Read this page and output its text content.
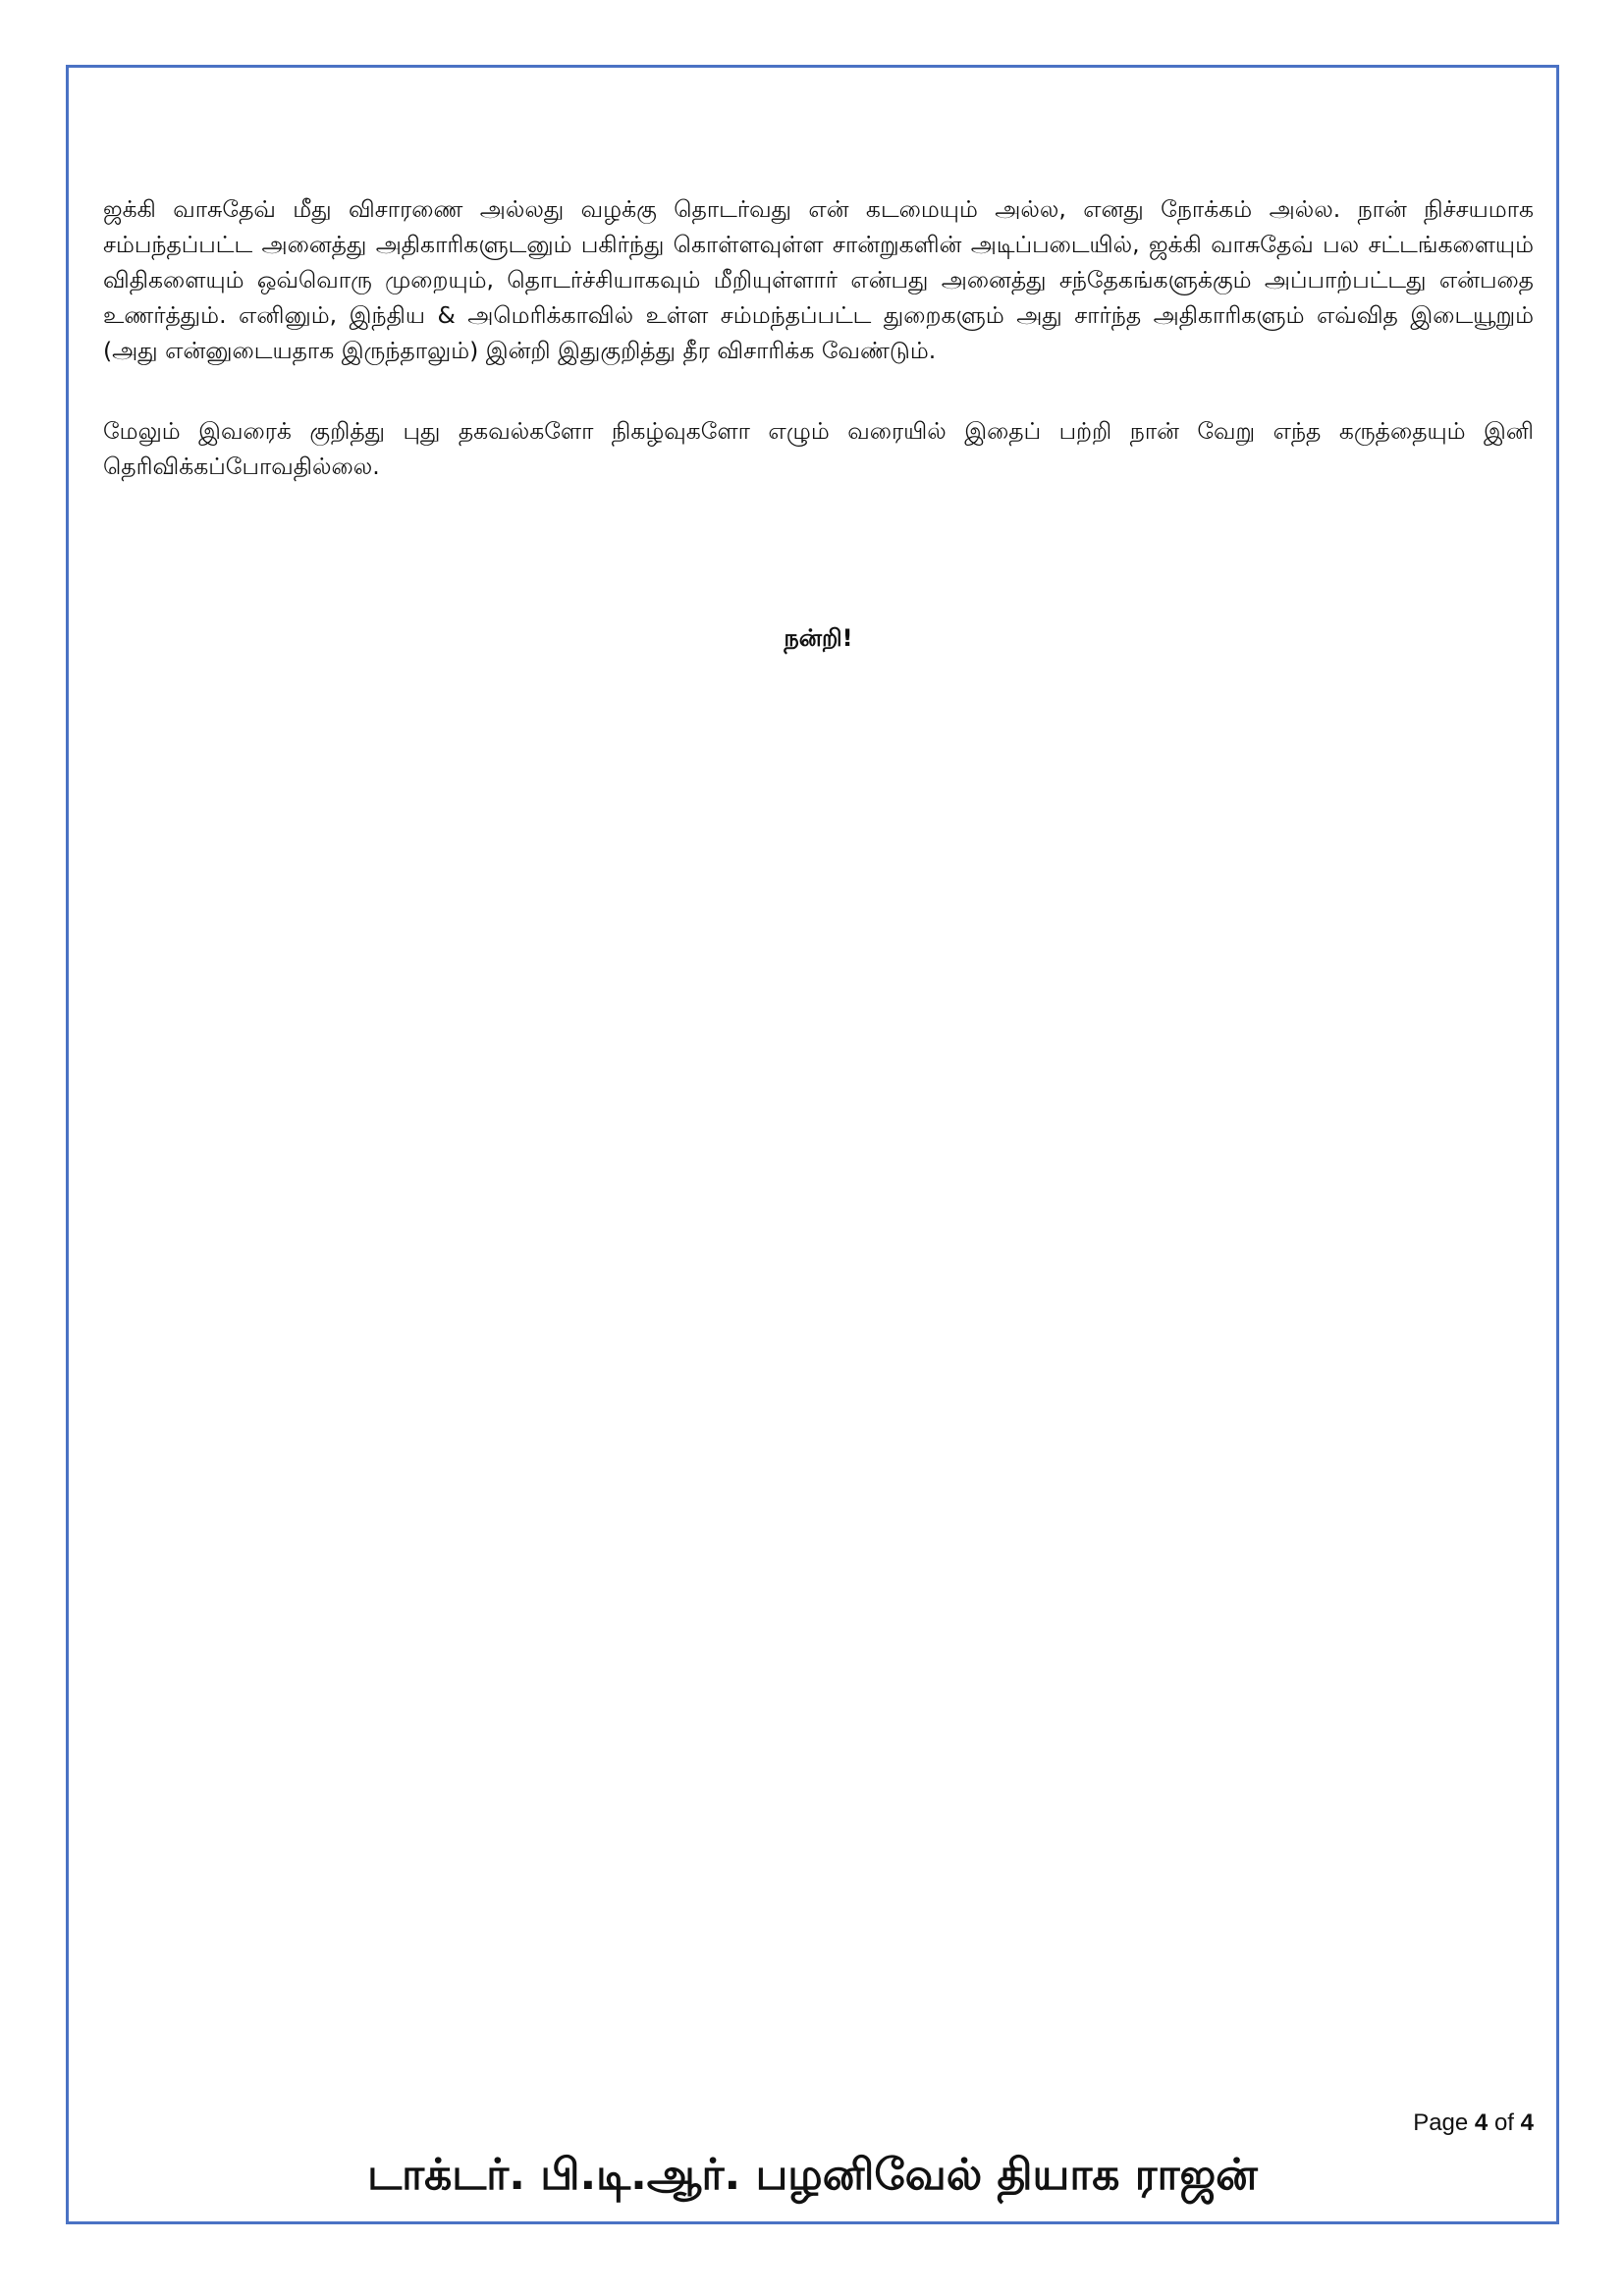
ஜக்கி வாசுதேவ் மீது விசாரணை அல்லது வழக்கு தொடர்வது என் கடமையும் அல்ல, எனது நோக்கம் அல்ல. நான் நிச்சயமாக சம்பந்தப்பட்ட அனைத்து அதிகாரிகளுடனும் பகிர்ந்து கொள்ளவுள்ள சான்றுகளின் அடிப்படையில், ஜக்கி வாசுதேவ் பல சட்டங்களையும் விதிகளையும் ஒவ்வொரு முறையும், தொடர்ச்சியாகவும் மீறியுள்ளார் என்பது அனைத்து சந்தேகங்களுக்கும் அப்பாற்பட்டது என்பதை உணர்த்தும். எனினும், இந்திய & அமெரிக்காவில் உள்ள சம்மந்தப்பட்ட துறைகளும் அது சார்ந்த அதிகாரிகளும் எவ்வித இடையூறும் (அது என்னுடையதாக இருந்தாலும்) இன்றி இதுகுறித்து தீர விசாரிக்க வேண்டும்.

மேலும் இவரைக் குறித்து புது தகவல்களோ நிகழ்வுகளோ எழும் வரையில் இதைப் பற்றி நான் வேறு எந்த கருத்தையும் இனி தெரிவிக்கப்போவதில்லை.

நன்றி!
Page 4 of 4
டாக்டர். பி.டி.ஆர். பழனிவேல் தியாக ராஜன்
